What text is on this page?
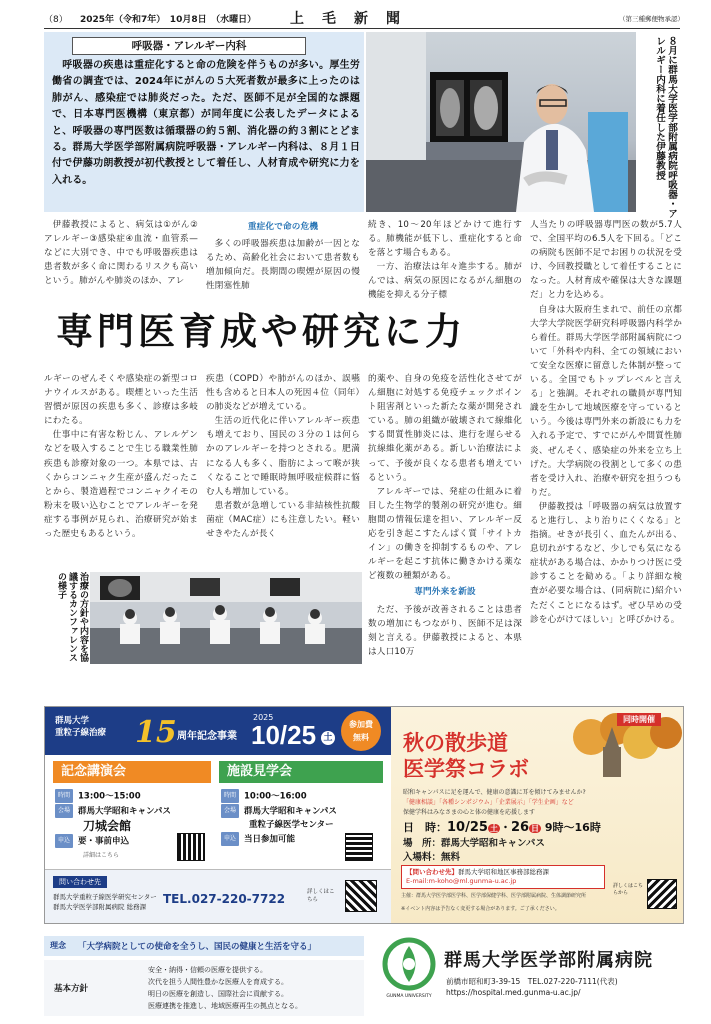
（8） 2025年（令和7年）　10月8日　（水曜日） 上　毛　新　聞	（第三種郵便物承認）
呼吸器・アレルギー内科
　呼吸器の疾患は重症化すると命の危険を伴うものが多い。厚生労働省の調査では、2024年にがんの５大死者数が最多に上ったのは肺がん、感染症では肺炎だった。ただ、医師不足が全国的な課題で、日本専門医機構（東京都）が同年度に公表したデータによると、呼吸器の専門医数は循環器の約５割、消化器の約３割にとどまる。群馬大学医学部附属病院呼吸器・アレルギー内科は、８月１日付で伊藤功朗教授が初代教授として着任し、人材育成や研究に力を入れる。	８月に群馬大学医学部附属病院呼吸器・アレルギー内科に着任した伊藤教授

伊藤教授によると、病気は①がん②アレルギー③感染症④血流・血管系—などに大別でき、中でも呼吸器疾患は患者数が多く命に関わるリスクも高いという。肺がんや肺炎のほか、アレ

重症化で命の危機

多くの呼吸器疾患は加齢が一因となるため、高齢化社会において患者数も増加傾向だ。長期間の喫煙が原因の慢性閉塞性肺

続き、10〜20年ほどかけて進行する。肺機能が低下し、重症化すると命を落とす場合もある。

一方、治療法は年々進歩する。肺がんでは、病気の原因になるがん細胞の機能を抑える分子標

専門医育成や研究に力

人当たりの呼吸器専門医の数が5.7人で、全国平均の6.5人を下回る。「どこの病院も医師不足でお困りの状況を受け、今回教授職として着任することになった。人材育成や確保は大きな課題だ」と力を込める。

自身は大阪府生まれで、前任の京都大学大学院医学研究科呼吸器内科学から着任。群馬大学医学部附属病院について「外科や内科、全ての領域において安全な医療に留意した体制が整っている。全国でもトップレベルと言える」と強調。それぞれの職員が専門知識を生かして地域医療を守っているという。今後は専門外来の新設にも力を入れる予定で、すでにがんや間質性肺炎、ぜんそく、感染症の外来を立ち上げた。大学病院の役割として多くの患者を受け入れ、治療や研究を担うつもりだ。

伊藤教授は「呼吸器の病気は放置すると進行し、より治りにくくなる」と指摘。せきが長引く、血たんが出る、息切れがするなど、少しでも気になる症状がある場合は、かかりつけ医に受診することを勧める。「より詳細な検査が必要な場合は、(同病院に)紹介いただくことになるはず。ぜひ早めの受診を心がけてほしい」と呼びかける。

ルギーのぜんそくや感染症の新型コロナウイルスがある。喫煙といった生活習慣が原因の疾患も多く、診療は多岐にわたる。

仕事中に有害な粉じん、アレルゲンなどを吸入することで生じる職業性肺疾患も診療対象の一つ。本県では、古くからコンニャク生産が盛んだったことから、製造過程でコンニャクイモの粉末を吸い込むことでアレルギーを発症する事例が見られ、治療研究が始まった歴史もあるという。

疾患（COPD）や肺がんのほか、誤嚥性も含めると日本人の死因４位（同年）の肺炎などが増えている。

生活の近代化に伴いアレルギー疾患も増えており、国民の３分の１は何らかのアレルギーを持つとされる。肥満になる人も多く、脂肪によって喉が狭くなることで睡眠時無呼吸症候群に悩む人も増加している。

患者数が急増している非結核性抗酸菌症（MAC症）にも注意したい。軽いせきやたんが長く

的薬や、自身の免疫を活性化させてがん細胞に対処する免疫チェックポイント阻害剤といった新たな薬が開発されている。肺の組織が破壊されて線維化する間質性肺炎には、進行を遅らせる抗線維化薬がある。新しい治療法によって、予後が良くなる患者も増えているという。

アレルギーでは、発症の仕組みに着目した生物学的製剤の研究が進む。細胞間の情報伝達を担い、アレルギー反応を引き起こすたんぱく質「サイトカイン」の働きを抑制するものや、アレルギーを起こす抗体に働きかける薬など複数の種類がある。

専門外来を新設

ただ、予後が改善されることは患者数の増加にもつながり、医師不足は深刻と言える。伊藤教授によると、本県は人口10万

治療の方針や内容を協議するカンファレンスの様子
群馬大学
重粒子線治療 15 周年記念事業
2025
10/25 土
参加費
無料
記念講演会
時間 13:00〜15:00
会場 群馬大学昭和キャンパス
刀城会館
申込 要・事前申込
詳細はこちら
施設見学会
時間 10:00〜16:00
会場 群馬大学昭和キャンパス
重粒子線医学センター
申込 当日参加可能
問い合わせ先
群馬大学重粒子線医学研究センター
群馬大学医学部附属病院 総務課
TEL.027-220-7722	詳しくはこちら
同時開催
秋の散歩道
医学祭コラボ
昭和キャンパスに足を運んで、健康の意識に耳を傾けてみませんか?
「健康相談」「各種シンポジウム」「企業展示」「学生企画」など
保健学科はみなさまの心と体の健康を応援します
日　時：10/25 土 ・26 日 9時〜16時
場　所：群馬大学昭和キャンパス
入場料：無料
【問い合わせ先】群馬大学昭和地区事務部総務課
E-mail:m-koho@ml.gunma-u.ac.jp
主催：群馬大学医学部医学科、医学部保健学科、医学部附属病院、生体調節研究所
※イベント内容は予告なく変更する場合があります。ご了承ください。
詳しくはこちらから
理念 「大学病院としての使命を全うし、国民の健康と生活を守る」
基本方針
安全・納得・信頼の医療を提供する。
次代を担う人間性豊かな医療人を育成する。
明日の医療を創造し、国際社会に貢献する。
医療連携を推進し、地域医療再生の拠点となる。
GUNMA UNIVERSITY
群馬大学医学部附属病院
前橋市昭和町3-39-15　TEL.027-220-7111(代表)
https://hospital.med.gunma-u.ac.jp/
